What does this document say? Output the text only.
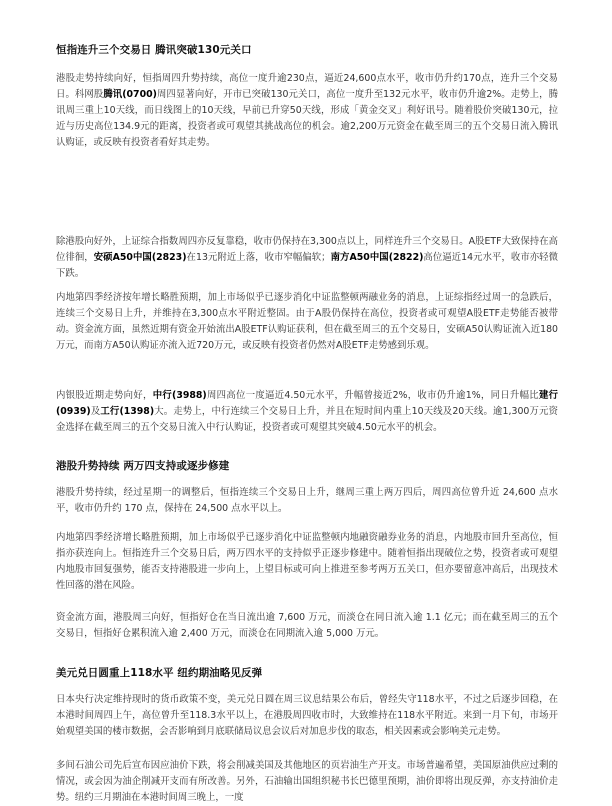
恒指连升三个交易日 腾讯突破130元关口
港股走势持续向好，恒指周四升势持续，高位一度升逾230点，逼近24,600点水平，收市仍升约170点，连升三个交易日。科网股腾讯(0700)周四显著向好，开市已突破130元关口，高位一度升至132元水平，收市仍升逾2%。走势上，腾讯周三重上10天线，而日线图上的10天线，早前已升穿50天线，形成「黄金交叉」利好讯号。随着股价突破130元，拉近与历史高位134.9元的距离，投资者或可观望其挑战高位的机会。逾2,200万元资金在截至周三的五个交易日流入腾讯认购证，或反映有投资者看好其走势。
除港股向好外，上证综合指数周四亦反复靠稳，收市仍保持在3,300点以上，同样连升三个交易日。A股ETF大致保持在高位徘徊，安硕A50中国(2823)在13元附近上落，收市窄幅偏软；南方A50中国(2822)高位逼近14元水平，收市亦轻微下跌。
内地第四季经济按年增长略胜预期，加上市场似乎已逐步消化中证监整顿两融业务的消息，上证综指经过周一的急跌后，连续三个交易日上升，并维持在3,300点水平附近整固。由于A股仍保持在高位，投资者或可观望A股ETF走势能否被带动。资金流方面，虽然近期有资金开始流出A股ETF认购证获利，但在截至周三的五个交易日，安硕A50认购证流入近180万元，而南方A50认购证亦流入近720万元，或反映有投资者仍然对A股ETF走势感到乐观。
内银股近期走势向好，中行(3988)周四高位一度逼近4.50元水平，升幅曾接近2%，收市仍升逾1%，同日升幅比建行(0939)及工行(1398)大。走势上，中行连续三个交易日上升，并且在短时间内重上10天线及20天线。逾1,300万元资金选择在截至周三的五个交易日流入中行认购证，投资者或可观望其突破4.50元水平的机会。
港股升势持续 两万四支持或逐步修建
港股升势持续，经过星期一的调整后，恒指连续三个交易日上升，继周三重上两万四后，周四高位曾升近 24,600 点水平，收市仍升约 170 点，保持在 24,500 点水平以上。
内地第四季经济增长略胜预期，加上市场似乎已逐步消化中证监整顿内地融资融券业务的消息，内地股市回升至高位，恒指亦获连向上。恒指连升三个交易日后，两万四水平的支持似乎正逐步修建中。随着恒指出现破位之势，投资者或可观望内地股市回复强势，能否支持港股进一步向上，上望目标或可向上推进至参考两万五关口，但亦要留意冲高后，出现技术性回落的潜在风险。
资金流方面，港股周三向好，恒指好仓在当日流出逾 7,600 万元，而淡仓在同日流入逾 1.1 亿元；而在截至周三的五个交易日，恒指好仓累积流入逾 2,400 万元，而淡仓在同期流入逾 5,000 万元。
美元兑日圆重上118水平 纽约期油略见反弹
日本央行决定维持现时的货币政策不变，美元兑日圆在周三议息结果公布后，曾经失守118水平，不过之后逐步回稳，在本港时间周四上午，高位曾升至118.3水平以上，在港股周四收市时，大致维持在118水平附近。来到一月下旬，市场开始观望美国的楼市数据，会否影响到月底联储局议息会议后对加息步伐的取态，相关因素或会影响美元走势。
多间石油公司先后宣布因应油价下跌，将会削减美国及其他地区的页岩油生产开支。市场普遍希望，美国原油供应过剩的情况，或会因为油企削减开支而有所改善。另外，石油输出国组织秘书长巴德里预期，油价即将出现反弹，亦支持油价走势。纽约三月期油在本港时间周三晚上，一度
